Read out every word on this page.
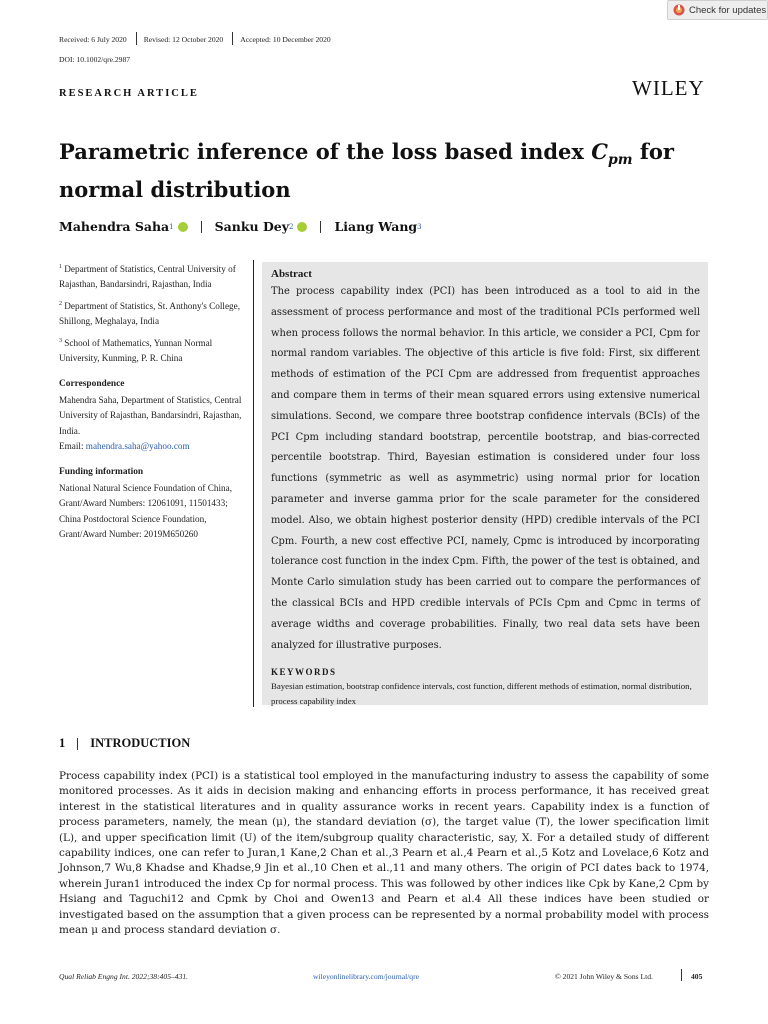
Check for updates
Received: 6 July 2020 Revised: 12 October 2020 Accepted: 10 December 2020
DOI: 10.1002/qre.2987
RESEARCH ARTICLE	WILEY
Parametric inference of the loss based index $C_{pm}$ for normal distribution
Mahendra Saha 1	Sanku Dey 2	Liang Wang 3

$^1$ Department of Statistics, Central University of Rajasthan, Bandarsindri, Rajasthan, India

$^2$ Department of Statistics, St. Anthony's College, Shillong, Meghalaya, India

$^3$ School of Mathematics, Yunnan Normal University, Kunming, P. R. China

Correspondence

Mahendra Saha, Department of Statistics, Central University of Rajasthan, Bandarsindri, Rajasthan, India.
Email: mahendra.saha@yahoo.com

Funding information

National Natural Science Foundation of China, Grant/Award Numbers: 12061091, 11501433; China Postdoctoral Science Foundation, Grant/Award Number: 2019M650260

Abstract
The process capability index (PCI) has been introduced as a tool to aid in the assessment of process performance and most of the traditional PCIs performed well when process follows the normal behavior. In this article, we consider a PCI, Cpm for normal random variables. The objective of this article is five fold: First, six different methods of estimation of the PCI Cpm are addressed from frequentist approaches and compare them in terms of their mean squared errors using extensive numerical simulations. Second, we compare three bootstrap confidence intervals (BCIs) of the PCI Cpm including standard bootstrap, percentile bootstrap, and bias-corrected percentile bootstrap. Third, Bayesian estimation is considered under four loss functions (symmetric as well as asymmetric) using normal prior for location parameter and inverse gamma prior for the scale parameter for the considered model. Also, we obtain highest posterior density (HPD) credible intervals of the PCI Cpm. Fourth, a new cost effective PCI, namely, Cpmc is introduced by incorporating tolerance cost function in the index Cpm. Fifth, the power of the test is obtained, and Monte Carlo simulation study has been carried out to compare the performances of the classical BCIs and HPD credible intervals of PCIs Cpm and Cpmc in terms of average widths and coverage probabilities. Finally, two real data sets have been analyzed for illustrative purposes.
KEYWORDS
Bayesian estimation, bootstrap confidence intervals, cost function, different methods of estimation, normal distribution, process capability index
1 INTRODUCTION
Process capability index (PCI) is a statistical tool employed in the manufacturing industry to assess the capability of some monitored processes. As it aids in decision making and enhancing efforts in process performance, it has received great interest in the statistical literatures and in quality assurance works in recent years. Capability index is a function of process parameters, namely, the mean (μ), the standard deviation (σ), the target value (T), the lower specification limit (L), and upper specification limit (U) of the item/subgroup quality characteristic, say, X. For a detailed study of different capability indices, one can refer to Juran,1 Kane,2 Chan et al.,3 Pearn et al.,4 Pearn et al.,5 Kotz and Lovelace,6 Kotz and Johnson,7 Wu,8 Khadse and Khadse,9 Jin et al.,10 Chen et al.,11 and many others. The origin of PCI dates back to 1974, wherein Juran1 introduced the index Cp for normal process. This was followed by other indices like Cpk by Kane,2 Cpm by Hsiang and Taguchi12 and Cpmk by Choi and Owen13 and Pearn et al.4 All these indices have been studied or investigated based on the assumption that a given process can be represented by a normal probability model with process mean μ and process standard deviation σ.
Qual Reliab Engng Int. 2022;38:405–431.	wileyonlinelibrary.com/journal/qre	© 2021 John Wiley & Sons Ltd.	405
